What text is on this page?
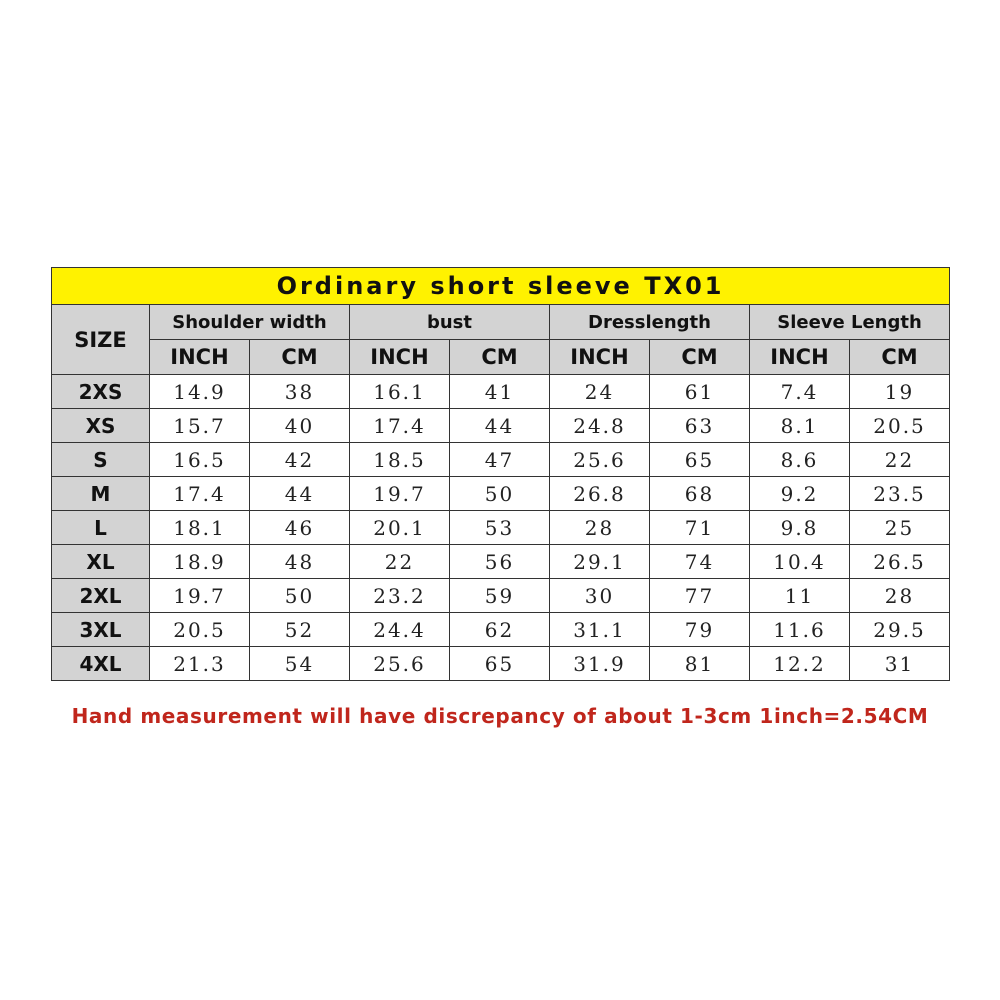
Ordinary short sleeve TX01								
SIZE	Shoulder width		bust		Dresslength		Sleeve Length	
	INCH	CM	INCH	CM	INCH	CM	INCH	CM
2XS	14.9	38	16.1	41	24	61	7.4	19
XS	15.7	40	17.4	44	24.8	63	8.1	20.5
S	16.5	42	18.5	47	25.6	65	8.6	22
M	17.4	44	19.7	50	26.8	68	9.2	23.5
L	18.1	46	20.1	53	28	71	9.8	25
XL	18.9	48	22	56	29.1	74	10.4	26.5
2XL	19.7	50	23.2	59	30	77	11	28
3XL	20.5	52	24.4	62	31.1	79	11.6	29.5
4XL	21.3	54	25.6	65	31.9	81	12.2	31
Hand measurement will have discrepancy of about 1-3cm 1inch=2.54CM
